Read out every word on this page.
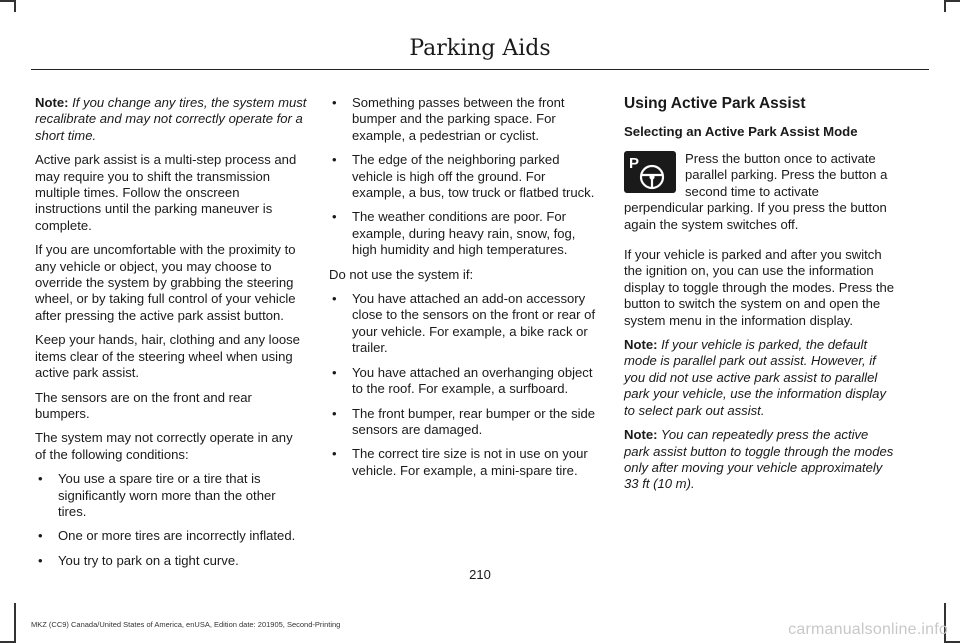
Parking Aids

Note: If you change any tires, the system must recalibrate and may not correctly operate for a short time.

Active park assist is a multi-step process and may require you to shift the transmission multiple times. Follow the onscreen instructions until the parking maneuver is complete.

If you are uncomfortable with the proximity to any vehicle or object, you may choose to override the system by grabbing the steering wheel, or by taking full control of your vehicle after pressing the active park assist button.

Keep your hands, hair, clothing and any loose items clear of the steering wheel when using active park assist.

The sensors are on the front and rear bumpers.

The system may not correctly operate in any of the following conditions:

• You use a spare tire or a tire that is significantly worn more than the other tires.
• One or more tires are incorrectly inflated.
• You try to park on a tight curve.
• Something passes between the front bumper and the parking space. For example, a pedestrian or cyclist.
• The edge of the neighboring parked vehicle is high off the ground. For example, a bus, tow truck or flatbed truck.
• The weather conditions are poor. For example, during heavy rain, snow, fog, high humidity and high temperatures.

Do not use the system if:

• You have attached an add-on accessory close to the sensors on the front or rear of your vehicle. For example, a bike rack or trailer.
• You have attached an overhanging object to the roof. For example, a surfboard.
• The front bumper, rear bumper or the side sensors are damaged.
• The correct tire size is not in use on your vehicle. For example, a mini-spare tire.
Using Active Park Assist
Selecting an Active Park Assist Mode
P	Press the button once to activate parallel parking. Press the button a second time to activate perpendicular parking. If you press the button again the system switches off.

If your vehicle is parked and after you switch the ignition on, you can use the information display to toggle through the modes. Press the button to switch the system on and open the system menu in the information display.

Note: If your vehicle is parked, the default mode is parallel park out assist. However, if you did not use active park assist to parallel park your vehicle, use the information display to select park out assist.

Note: You can repeatedly press the active park assist button to toggle through the modes only after moving your vehicle approximately 33 ft (10 m).

210
MKZ (CC9) Canada/United States of America, enUSA, Edition date: 201905, Second-Printing	carmanualsonline.info
